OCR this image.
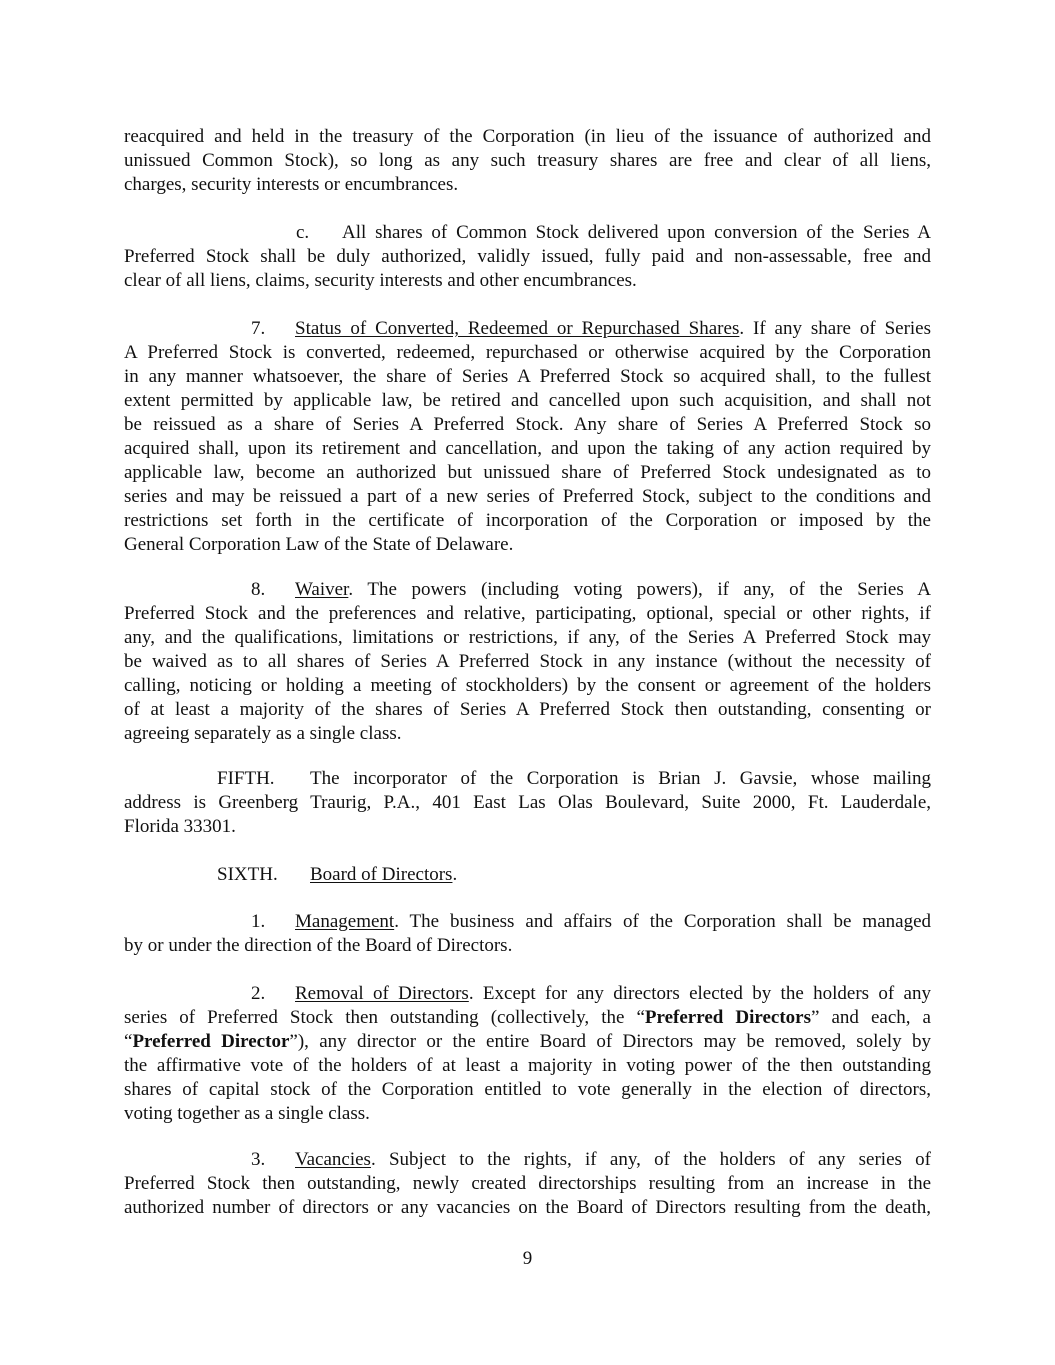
reacquired and held in the treasury of the Corporation (in lieu of the issuance of authorized and
unissued Common Stock), so long as any such treasury shares are free and clear of all liens,
charges, security interests or encumbrances.
c. All shares of Common Stock delivered upon conversion of the Series A
Preferred Stock shall be duly authorized, validly issued, fully paid and non-assessable, free and
clear of all liens, claims, security interests and other encumbrances.
7. Status of Converted, Redeemed or Repurchased Shares. If any share of Series
A Preferred Stock is converted, redeemed, repurchased or otherwise acquired by the Corporation
in any manner whatsoever, the share of Series A Preferred Stock so acquired shall, to the fullest
extent permitted by applicable law, be retired and cancelled upon such acquisition, and shall not
be reissued as a share of Series A Preferred Stock. Any share of Series A Preferred Stock so
acquired shall, upon its retirement and cancellation, and upon the taking of any action required by
applicable law, become an authorized but unissued share of Preferred Stock undesignated as to
series and may be reissued a part of a new series of Preferred Stock, subject to the conditions and
restrictions set forth in the certificate of incorporation of the Corporation or imposed by the
General Corporation Law of the State of Delaware.
8. Waiver. The powers (including voting powers), if any, of the Series A
Preferred Stock and the preferences and relative, participating, optional, special or other rights, if
any, and the qualifications, limitations or restrictions, if any, of the Series A Preferred Stock may
be waived as to all shares of Series A Preferred Stock in any instance (without the necessity of
calling, noticing or holding a meeting of stockholders) by the consent or agreement of the holders
of at least a majority of the shares of Series A Preferred Stock then outstanding, consenting or
agreeing separately as a single class.
FIFTH. The incorporator of the Corporation is Brian J. Gavsie, whose mailing
address is Greenberg Traurig, P.A., 401 East Las Olas Boulevard, Suite 2000, Ft. Lauderdale,
Florida 33301.
SIXTH. Board of Directors.
1. Management. The business and affairs of the Corporation shall be managed
by or under the direction of the Board of Directors.
2. Removal of Directors. Except for any directors elected by the holders of any
series of Preferred Stock then outstanding (collectively, the “Preferred Directors” and each, a
“Preferred Director”), any director or the entire Board of Directors may be removed, solely by
the affirmative vote of the holders of at least a majority in voting power of the then outstanding
shares of capital stock of the Corporation entitled to vote generally in the election of directors,
voting together as a single class.
3. Vacancies. Subject to the rights, if any, of the holders of any series of
Preferred Stock then outstanding, newly created directorships resulting from an increase in the
authorized number of directors or any vacancies on the Board of Directors resulting from the death,
9
